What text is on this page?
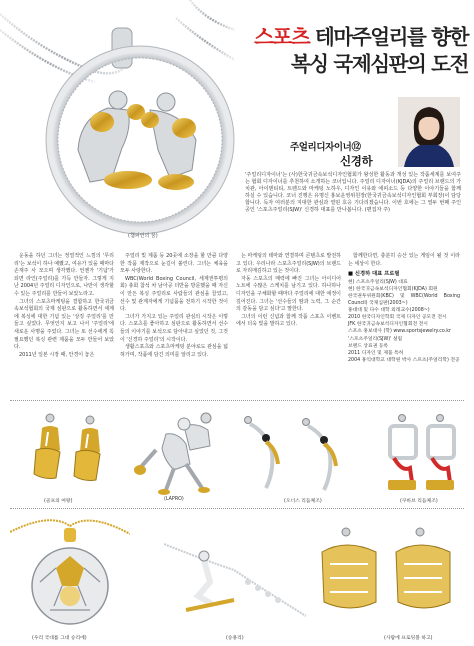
(챔피언의 꿈)
스포츠 테마주얼리를 향한
복싱 국제심판의 도전
주얼리디자이너⑫
신경하
'주얼리디자이너'는 (사)한국귀금속보석디자인협회가 왕성한 활동과 개성 있는 작품세계를 보여주는 협회 디자이너를 추천하여 소개하는 코너입니다. 주얼리 디자이너(KJDA)의 주얼리 브랜드의 가치관, 아이덴티티, 트렌드와 마케팅 노하우, 디자인 이유와 에피소드 등 다양한 이야기들을 함께 하실 수 있습니다. 코너 진행은 유명신 홍보운영위원장(한국귀금속보석디자인협회 부회장)이 담당합니다. 독자 여러분의 지대한 관심과 열띤 호응 기다리겠습니다. 이번 호에는 그 열두 번째 주인공인 '스포츠주얼리(SJW)' 신경하 대표를 만나봅니다. (편집자 주)

운동을 하던 그녀는 정열적인 느낌의 '무리 리'는 보석이 하나 예뻤고, 여유가 있을 때마다 손재주 사 모으며 생각했다. 언젠가 '기념'가 되면 라인(주얼리)를 가득 만들자. 그렇게 지난 2004년 주얼리 디자인으로, 나만이 생각할 수 있는 주얼리를 만들어 보았노라고.

그녀의 스포츠마케팅을 결합하고 한국귀금속보석협회의 국제 심판으로 활동하면서 세계에 복싱에 대한 기념 있는 '상징 주얼리'를 만들고 싶었다. 무엇인지 보고 나서 '주얼리'에 새로운 사명을 주었다. 그녀는 또 선수에게 꼭 필요했던 복싱 관련 제품을 모두 만들어 보았다.

2011년 일본 시장 때, 안경이 놓은

주얼리 빛 제품 등 20곳에 소장을 할 만큼 다양한 작품 제작으로 눈길이 쏠린다. 그녀는 체육을 모두 사랑한다.

WBC(World Boxing Council, 세계권투평의회) 총회 참석 차 남아공 더반을 방문했을 때 자신이 만든 복싱 주얼리로 사람들의 관심을 끌었고, 선수 및 관계자에게 기념품을 전하기 시작한 것이다.

그녀가 가지고 있는 주얼리 관심의 시작은 이렇다. 스포츠를 좋아하고 심판으로 활동하면서 선수들의 이야기를 보석으로 담아내고 싶었던 것, 그것이 '신경하 주얼리'의 시작이다.

생활스포츠와 스포츠마케팅 분야로도 관심을 넓혀가며, 작품에 담긴 의미를 알리고 있다.

는 마케팅의 테마와 연결하며 콘텐츠로 발전하고 있다. 우리나라 스포츠주얼리(SJW)의 브랜드로 자리매김하고 있는 것이다.

자동 스포츠의 매력에 빠진 그녀는 아이디어 노트에 수많은 스케치를 남기고 있다. 하나하나 디자인을 구체화할 때마다 주얼리에 대한 애정이 깊어진다. 그녀는 '선수들의 땀과 노력, 그 순간의 감동을 담고 싶다'고 말한다.

그녀의 이런 신념과 함께 작품 스포츠 이벤트에서 더욱 빛을 발하고 있다.

함께한다면, 충분히 승산 있는 게임이 될 것 이라는 세상이 한다.

■ 신경하 대표 프로필
현) 스포츠주얼리(SJW) 대표
현) 한국귀금속보석디자인협회(KJDA) 회원
한국권투위원회(KBC) 및 WBC(World Boxing Council) 국제심판(2003~)
홍대대 및 다수 대학 외래교수(2008~)
2010 한국디자인학회 국제 디자인 공모전 전시
JFK 한국귀금속보석디자인협회전 전시
스포츠 홍보대사 (학) www.sportsjewelry.co.kr
'스포츠주얼리(SJW)' 설립
브랜드 상표권 등록
2011 디자인 및 제품 특허
2004 홍익대학교 대학원 박사 스포츠(주얼리학) 전공
(골프의 여왕)	(LAPRO)	(오너스 리듬체조)	(쿠바브 리듬체조)
(우리 국대를 그대 승리에)	(승용리)	(사람에 프로팅볼 하고)
